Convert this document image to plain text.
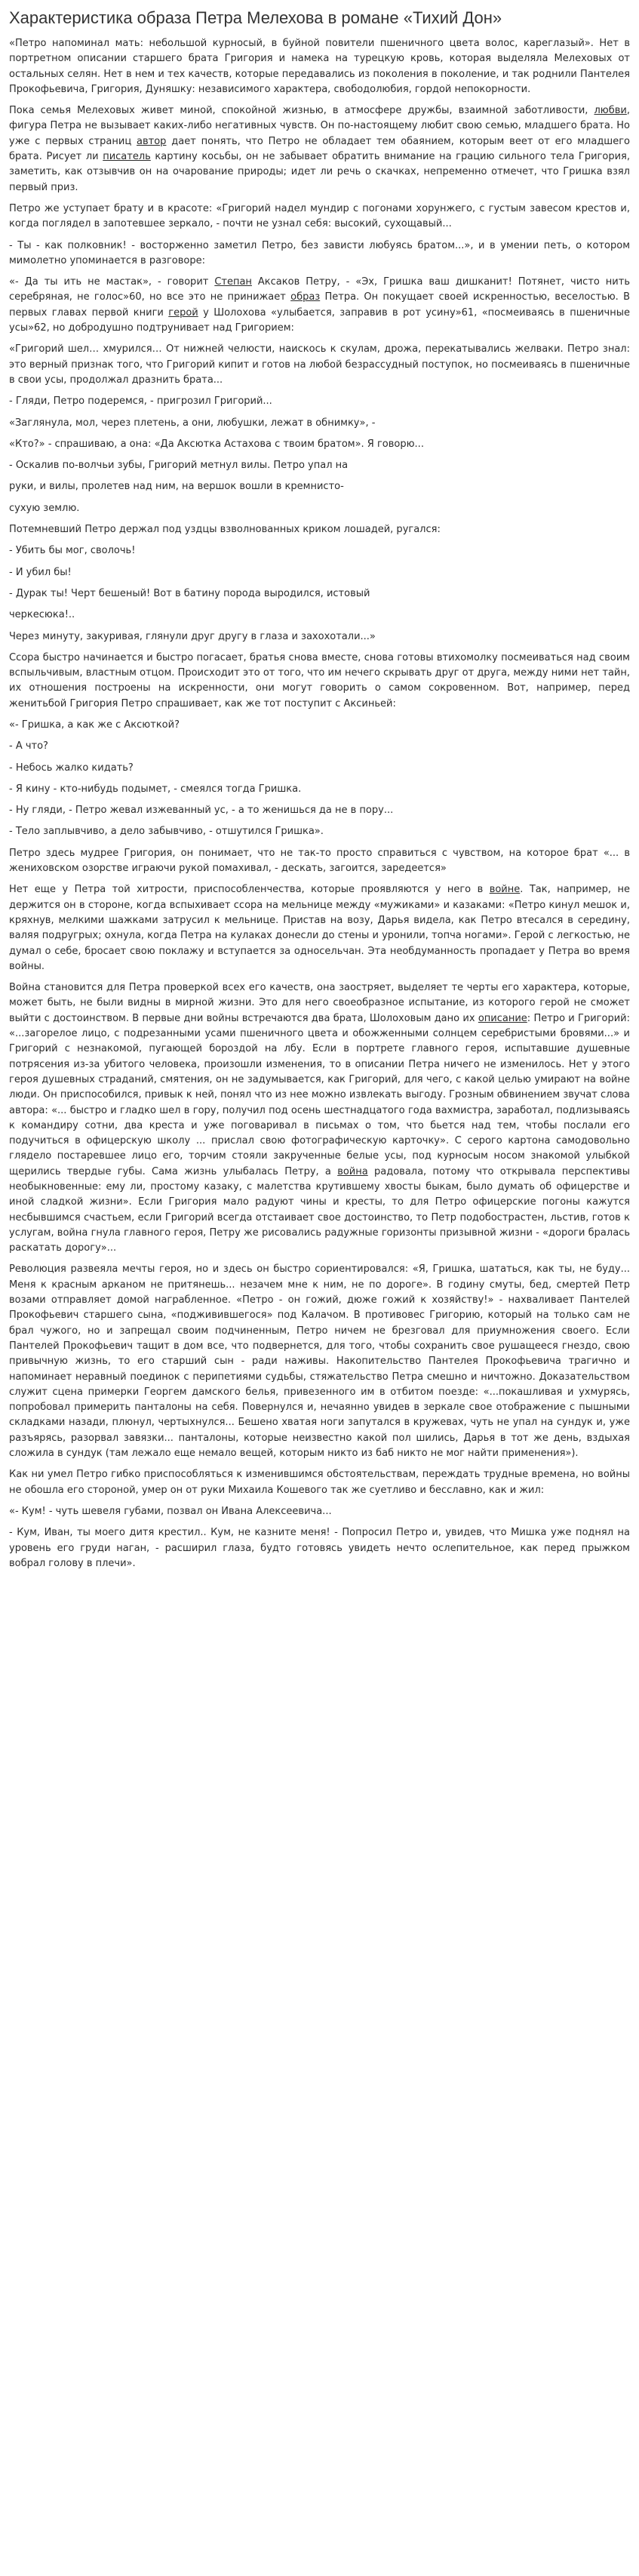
Характеристика образа Петра Мелехова в романе «Тихий Дон»

«Петро напоминал мать: небольшой курносый, в буйной повители пшеничного цвета волос, кареглазый». Нет в портретном описании старшего брата Григория и намека на турецкую кровь, которая выделяла Мелеховых от остальных селян. Нет в нем и тех качеств, которые передавались из поколения в поколение, и так роднили Пантелея Прокофьевича, Григория, Дуняшку: независимого характера, свободолюбия, гордой непокорности.

Пока семья Мелеховых живет миной, спокойной жизнью, в атмосфере дружбы, взаимной заботливости, любви, фигура Петра не вызывает каких-либо негативных чувств. Он по-настоящему любит свою семью, младшего брата. Но уже с первых страниц автор дает понять, что Петро не обладает тем обаянием, которым веет от его младшего брата. Рисует ли писатель картину косьбы, он не забывает обратить внимание на грацию сильного тела Григория, заметить, как отзывчив он на очарование природы; идет ли речь о скачках, непременно отмечет, что Гришка взял первый приз.

Петро же уступает брату и в красоте: «Григорий надел мундир с погонами хорунжего, с густым завесом крестов и, когда поглядел в запотевшее зеркало, - почти не узнал себя: высокий, сухощавый...

- Ты - как полковник! - восторженно заметил Петро, без зависти любуясь братом...», и в умении петь, о котором мимолетно упоминается в разговоре:

«- Да ты ить не мастак», - говорит Степан Аксаков Петру, - «Эх, Гришка ваш дишканит! Потянет, чисто нить серебряная, не голос»60, но все это не принижает образ Петра. Он покущает своей искренностью, веселостью. В первых главах первой книги герой у Шолохова «улыбается, заправив в рот усину»61, «посмеиваясь в пшеничные усы»62, но добродушно подтрунивает над Григорием:

«Григорий шел… хмурился… От нижней челюсти, наискось к скулам, дрожа, перекатывались желваки. Петро знал: это верный признак того, что Григорий кипит и готов на любой безрассудный поступок, но посмеиваясь в пшеничные в свои усы, продолжал дразнить брата...

- Гляди, Петро подеремся, - пригрозил Григорий...

«Заглянула, мол, через плетень, а они, любушки, лежат в обнимку», -

«Кто?» - спрашиваю, а она: «Да Аксютка Астахова с твоим братом». Я говорю...

- Оскалив по-волчьи зубы, Григорий метнул вилы. Петро упал на

руки, и вилы, пролетев над ним, на вершок вошли в кремнисто-

сухую землю.

Потемневший Петро держал под уздцы взволнованных криком лошадей, ругался:

- Убить бы мог, сволочь!

- И убил бы!

- Дурак ты! Черт бешеный! Вот в батину порода выродился, истовый

черкесюка!..

Через минуту, закуривая, глянули друг другу в глаза и захохотали...»

Ссора быстро начинается и быстро погасает, братья снова вместе, снова готовы втихомолку посмеиваться над своим вспыльчивым, властным отцом. Происходит это от того, что им нечего скрывать друг от друга, между ними нет тайн, их отношения построены на искренности, они могут говорить о самом сокровенном. Вот, например, перед женитьбой Григория Петро спрашивает, как же тот поступит с Аксиньей:

«- Гришка, а как же с Аксюткой?

- А что?

- Небось жалко кидать?

- Я кину - кто-нибудь подымет, - смеялся тогда Гришка.

- Ну гляди, - Петро жевал изжеванный ус, - а то женишься да не в пору...

- Тело заплывчиво, а дело забывчиво, - отшутился Гришка».

Петро здесь мудрее Григория, он понимает, что не так-то просто справиться с чувством, на которое брат «... в жениховском озорстве играючи рукой помахивал, - дескать, загоится, заредеется»

Нет еще у Петра той хитрости, приспособленчества, которые проявляются у него в войне. Так, например, не держится он в стороне, когда вспыхивает ссора на мельнице между «мужиками» и казаками: «Петро кинул мешок и, кряхнув, мелкими шажками затрусил к мельнице. Пристав на возу, Дарья видела, как Петро втесался в середину, валяя подругрых; охнула, когда Петра на кулаках донесли до стены и уронили, топча ногами». Герой с легкостью, не думал о себе, бросает свою поклажу и вступается за односельчан. Эта необдуманность пропадает у Петра во время войны.

Война становится для Петра проверкой всех его качеств, она заостряет, выделяет те черты его характера, которые, может быть, не были видны в мирной жизни. Это для него своеобразное испытание, из которого герой не сможет выйти с достоинством. В первые дни войны встречаются два брата, Шолоховым дано их описание: Петро и Григорий: «...загорелое лицо, с подрезанными усами пшеничного цвета и обожженными солнцем серебристыми бровями...» и Григорий с незнакомой, пугающей бороздой на лбу. Если в портрете главного героя, испытавшие душевные потрясения из-за убитого человека, произошли изменения, то в описании Петра ничего не изменилось. Нет у этого героя душевных страданий, смятения, он не задумывается, как Григорий, для чего, с какой целью умирают на войне люди. Он приспособился, привык к ней, понял что из нее можно извлекать выгоду. Грозным обвинением звучат слова автора: «... быстро и гладко шел в гору, получил под осень шестнадцатого года вахмистра, заработал, подлизываясь к командиру сотни, два креста и уже поговаривал в письмах о том, что бьется над тем, чтобы послали его подучиться в офицерскую школу ... прислал свою фотографическую карточку». С серого картона самодовольно глядело постаревшее лицо его, торчим стояли закрученные белые усы, под курносым носом знакомой улыбкой щерились твердые губы. Сама жизнь улыбалась Петру, а война радовала, потому что открывала перспективы необыкновенные: ему ли, простому казаку, с малетства крутившему хвосты быкам, было думать об офицерстве и иной сладкой жизни». Если Григория мало радуют чины и кресты, то для Петро офицерские погоны кажутся несбывшимся счастьем, если Григорий всегда отстаивает свое достоинство, то Петр подобострастен, льстив, готов к услугам, война гнула главного героя, Петру же рисовались радужные горизонты призывной жизни - «дороги бралась раскатать дорогу»...

Революция развеяла мечты героя, но и здесь он быстро сориентировался: «Я, Гришка, шататься, как ты, не буду... Меня к красным арканом не притянешь... незачем мне к ним, не по дороге». В годину смуты, бед, смертей Петр возами отправляет домой награбленное. «Петро - он гожий, дюже гожий к хозяйству!» - нахваливает Пантелей Прокофьевич старшего сына, «подживившегося» под Калачом. В противовес Григорию, который на только сам не брал чужого, но и запрещал своим подчиненным, Петро ничем не брезговал для приумножения своего. Если Пантелей Прокофьевич тащит в дом все, что подвернется, для того, чтобы сохранить свое рушащееся гнездо, свою привычную жизнь, то его старший сын - ради наживы. Накопительство Пантелея Прокофьевича трагично и напоминает неравный поединок с перипетиями судьбы, стяжательство Петра смешно и ничтожно. Доказательством служит сцена примерки Георгем дамского белья, привезенного им в отбитом поезде: «...покашливая и ухмурясь, попробовал примерить панталоны на себя. Повернулся и, нечаянно увидев в зеркале свое отображение с пышными складками назади, плюнул, чертыхнулся... Бешено хватая ноги запутался в кружевах, чуть не упал на сундук и, уже разъярясь, разорвал завязки... панталоны, которые неизвестно какой пол шились, Дарья в тот же день, вздыхая сложила в сундук (там лежало еще немало вещей, которым никто из баб никто не мог найти применения»).

Как ни умел Петро гибко приспособляться к изменившимся обстоятельствам, переждать трудные времена, но войны не обошла его стороной, умер он от руки Михаила Кошевого так же суетливо и бесславно, как и жил:

«- Кум! - чуть шевеля губами, позвал он Ивана Алексеевича...

- Кум, Иван, ты моего дитя крестил.. Кум, не казните меня! - Попросил Петро и, увидев, что Мишка уже поднял на уровень его груди наган, - расширил глаза, будто готовясь увидеть нечто ослепительное, как перед прыжком вобрал голову в плечи».
